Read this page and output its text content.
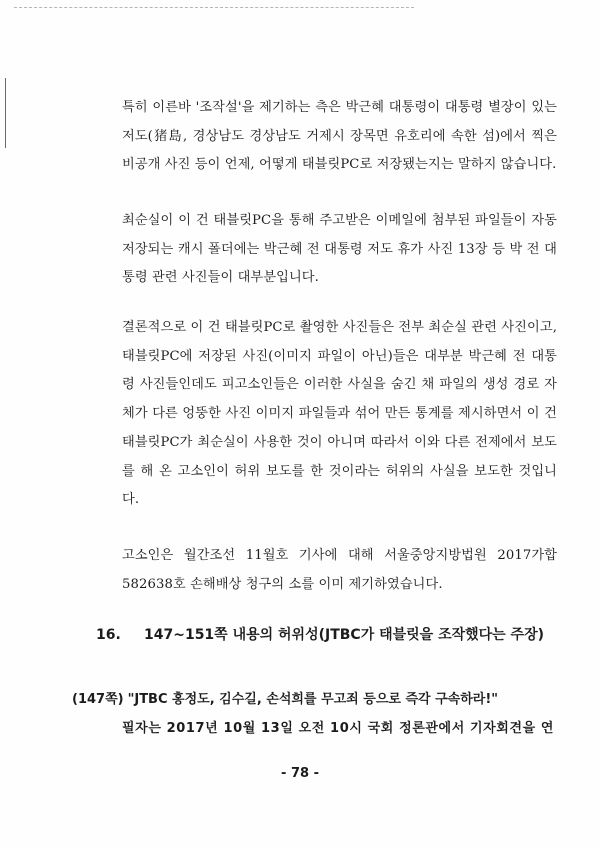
특히 이른바 '조작설'을 제기하는 측은 박근혜 대통령이 대통령 별장이 있는 저도(猪島, 경상남도 경상남도 거제시 장목면 유호리에 속한 섬)에서 찍은 비공개 사진 등이 언제, 어떻게 태블릿PC로 저장됐는지는 말하지 않습니다.

최순실이 이 건 태블릿PC을 통해 주고받은 이메일에 첨부된 파일들이 자동 저장되는 캐시 폴더에는 박근혜 전 대통령 저도 휴가 사진 13장 등 박 전 대통령 관련 사진들이 대부분입니다.

결론적으로 이 건 태블릿PC로 촬영한 사진들은 전부 최순실 관련 사진이고, 태블릿PC에 저장된 사진(이미지 파일이 아닌)들은 대부분 박근혜 전 대통령 사진들인데도 피고소인들은 이러한 사실을 숨긴 채 파일의 생성 경로 자체가 다른 엉뚱한 사진 이미지 파일들과 섞어 만든 통계를 제시하면서 이 건 태블릿PC가 최순실이 사용한 것이 아니며 따라서 이와 다른 전제에서 보도를 해 온 고소인이 허위 보도를 한 것이라는 허위의 사실을 보도한 것입니다.

고소인은 월간조선 11월호 기사에 대해 서울중앙지방법원 2017가합582638호 손해배상 청구의 소를 이미 제기하였습니다.

16. 147~151쪽 내용의 허위성(JTBC가 태블릿을 조작했다는 주장)
(147쪽) "JTBC 홍정도, 김수길, 손석희를 무고죄 등으로 즉각 구속하라!"
필자는 2017년 10월 13일 오전 10시 국회 정론관에서 기자회견을 연
- 78 -
